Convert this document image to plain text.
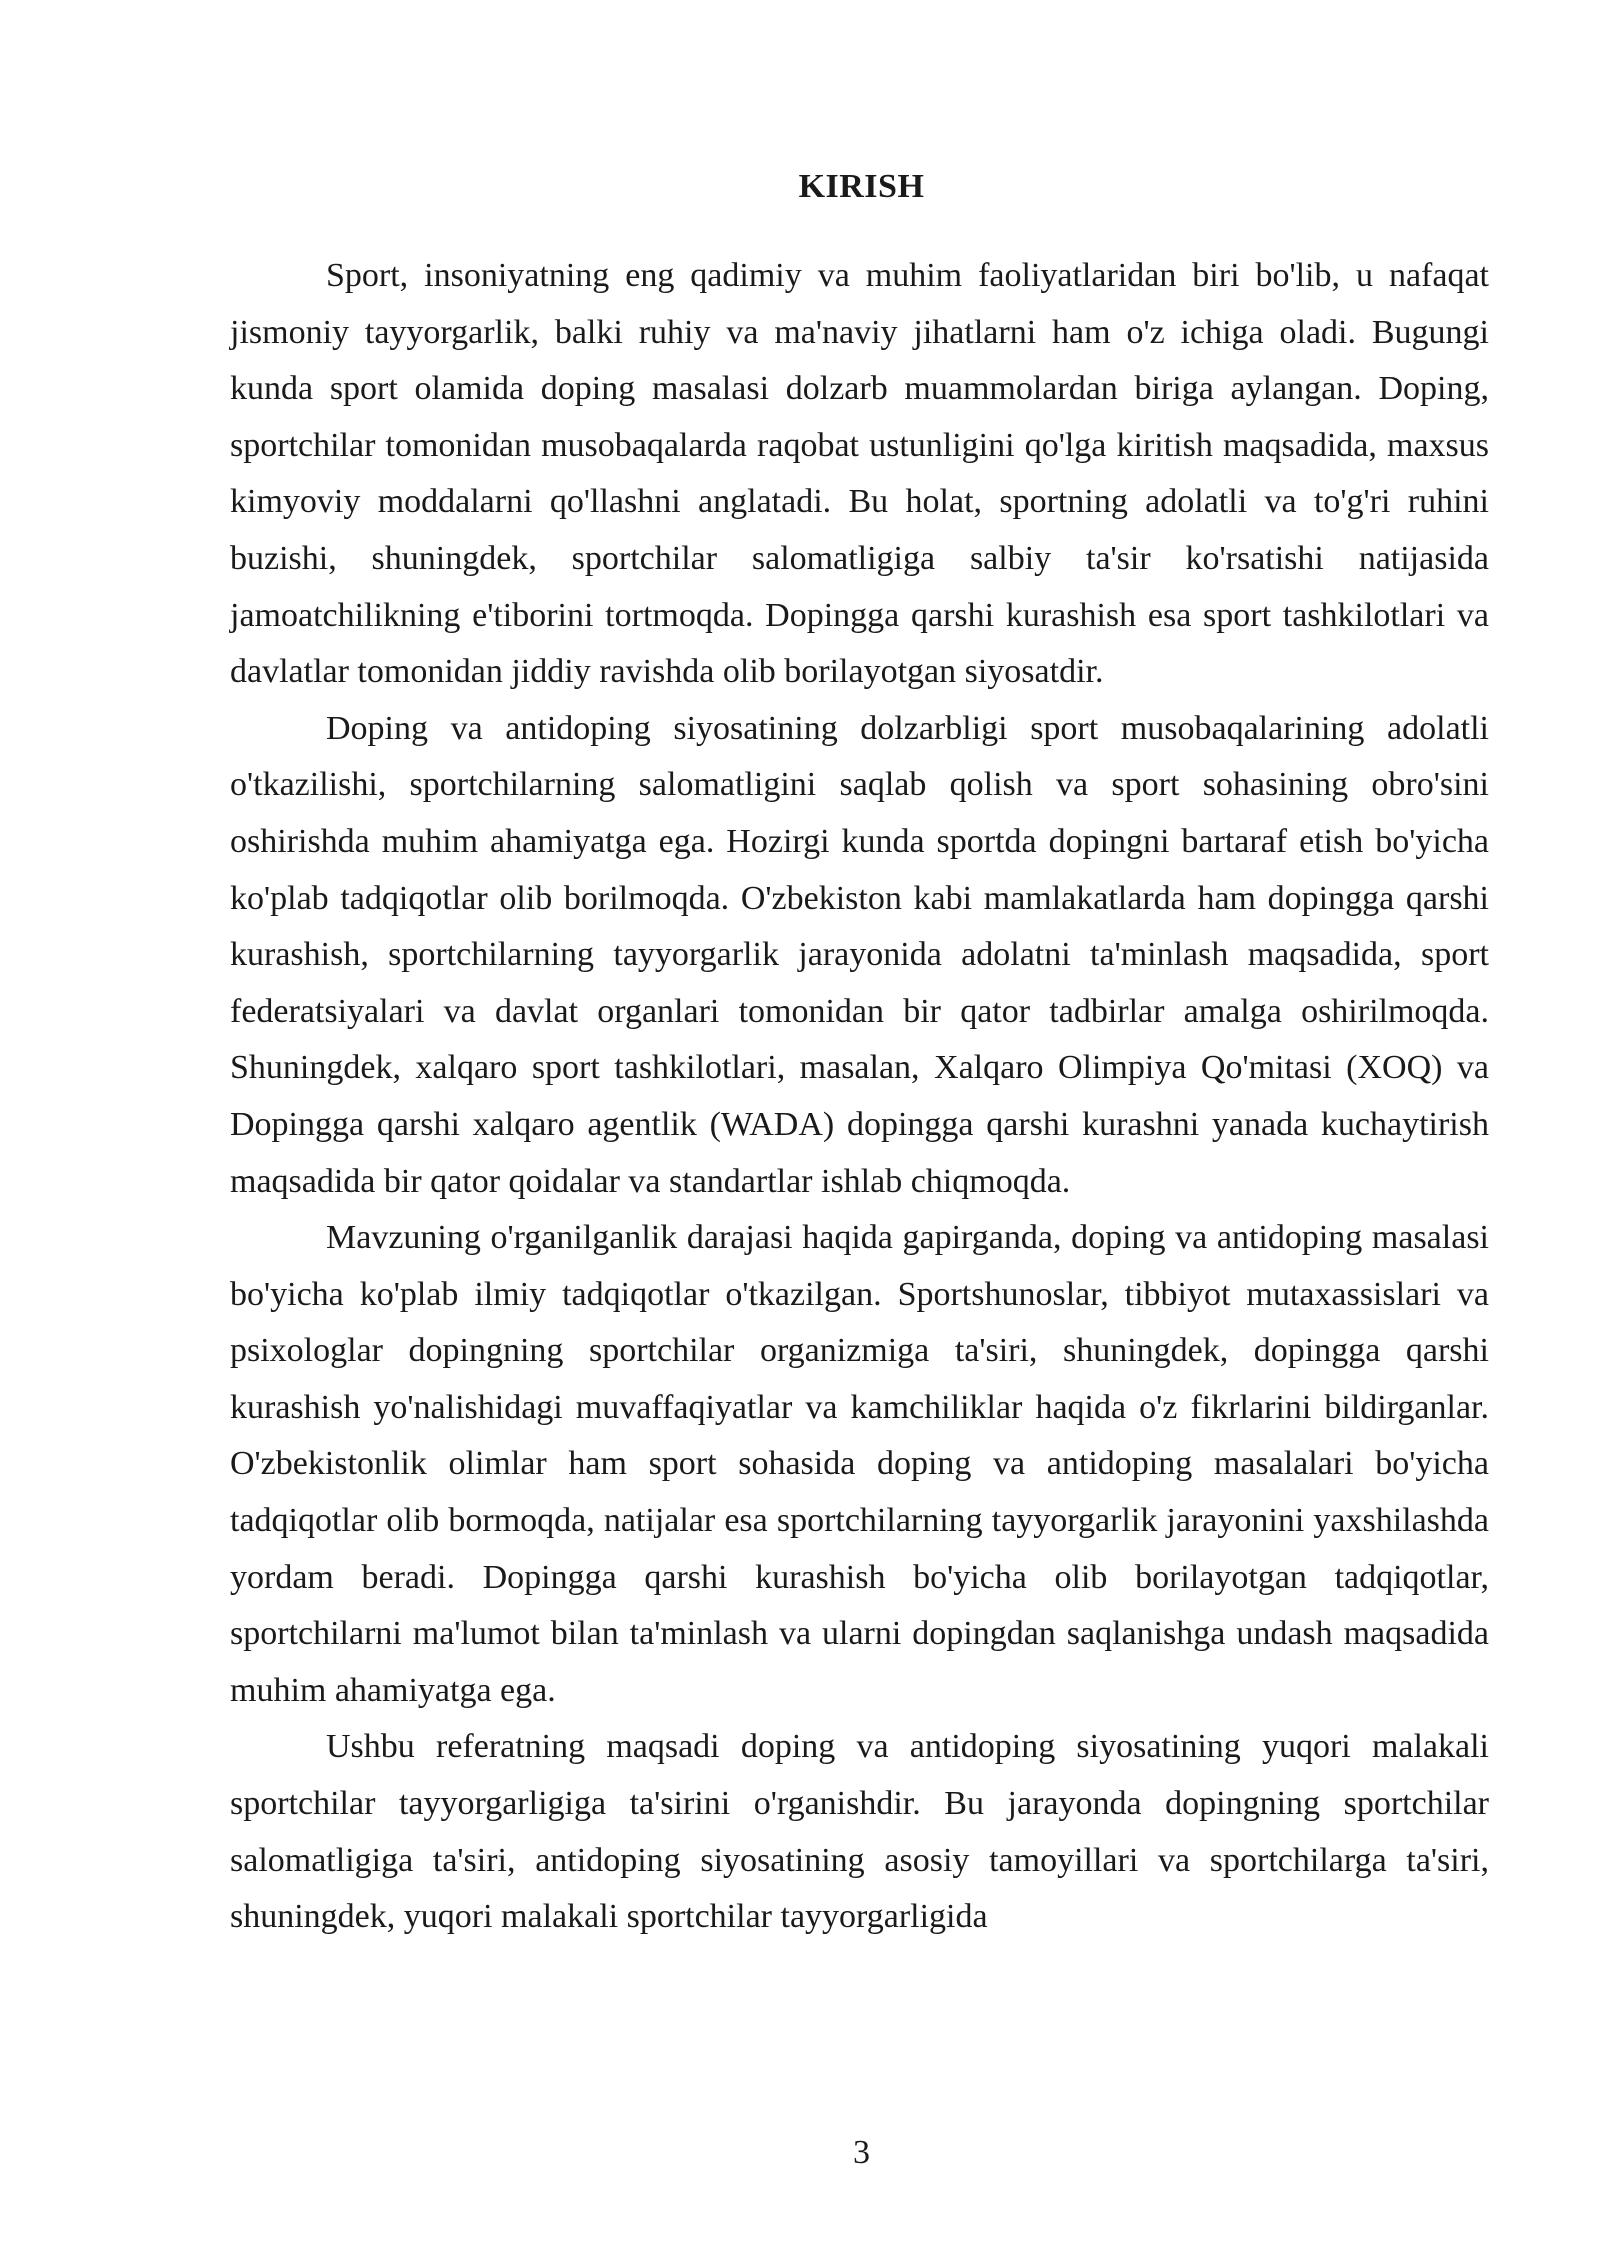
KIRISH

Sport, insoniyatning eng qadimiy va muhim faoliyatlaridan biri bo'lib, u nafaqat jismoniy tayyorgarlik, balki ruhiy va ma'naviy jihatlarni ham o'z ichiga oladi. Bugungi kunda sport olamida doping masalasi dolzarb muammolardan biriga aylangan. Doping, sportchilar tomonidan musobaqalarda raqobat ustunligini qo'lga kiritish maqsadida, maxsus kimyoviy moddalarni qo'llashni anglatadi. Bu holat, sportning adolatli va to'g'ri ruhini buzishi, shuningdek, sportchilar salomatligiga salbiy ta'sir ko'rsatishi natijasida jamoatchilikning e'tiborini tortmoqda. Dopingga qarshi kurashish esa sport tashkilotlari va davlatlar tomonidan jiddiy ravishda olib borilayotgan siyosatdir.

Doping va antidoping siyosatining dolzarbligi sport musobaqalarining adolatli o'tkazilishi, sportchilarning salomatligini saqlab qolish va sport sohasining obro'sini oshirishda muhim ahamiyatga ega. Hozirgi kunda sportda dopingni bartaraf etish bo'yicha ko'plab tadqiqotlar olib borilmoqda. O'zbekiston kabi mamlakatlarda ham dopingga qarshi kurashish, sportchilarning tayyorgarlik jarayonida adolatni ta'minlash maqsadida, sport federatsiyalari va davlat organlari tomonidan bir qator tadbirlar amalga oshirilmoqda. Shuningdek, xalqaro sport tashkilotlari, masalan, Xalqaro Olimpiya Qo'mitasi (XOQ) va Dopingga qarshi xalqaro agentlik (WADA) dopingga qarshi kurashni yanada kuchaytirish maqsadida bir qator qoidalar va standartlar ishlab chiqmoqda.

Mavzuning o'rganilganlik darajasi haqida gapirganda, doping va antidoping masalasi bo'yicha ko'plab ilmiy tadqiqotlar o'tkazilgan. Sportshunoslar, tibbiyot mutaxassislari va psixologlar dopingning sportchilar organizmiga ta'siri, shuningdek, dopingga qarshi kurashish yo'nalishidagi muvaffaqiyatlar va kamchiliklar haqida o'z fikrlarini bildirganlar. O'zbekistonlik olimlar ham sport sohasida doping va antidoping masalalari bo'yicha tadqiqotlar olib bormoqda, natijalar esa sportchilarning tayyorgarlik jarayonini yaxshilashda yordam beradi. Dopingga qarshi kurashish bo'yicha olib borilayotgan tadqiqotlar, sportchilarni ma'lumot bilan ta'minlash va ularni dopingdan saqlanishga undash maqsadida muhim ahamiyatga ega.

Ushbu referatning maqsadi doping va antidoping siyosatining yuqori malakali sportchilar tayyorgarligiga ta'sirini o'rganishdir. Bu jarayonda dopingning sportchilar salomatligiga ta'siri, antidoping siyosatining asosiy tamoyillari va sportchilarga ta'siri, shuningdek, yuqori malakali sportchilar tayyorgarligida

3
